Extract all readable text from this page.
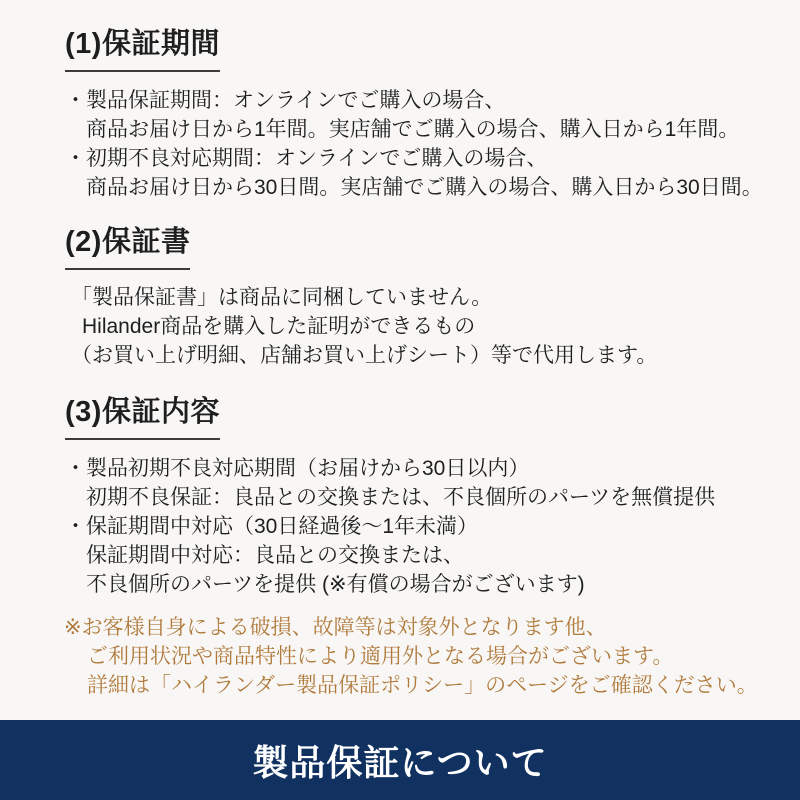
(1)保証期間
・製品保証期間：オンラインでご購入の場合、
商品お届け日から1年間。実店舗でご購入の場合、購入日から1年間。
・初期不良対応期間：オンラインでご購入の場合、
商品お届け日から30日間。実店舗でご購入の場合、購入日から30日間。
(2)保証書
「製品保証書」は商品に同梱していません。
Hilander商品を購入した証明ができるもの
（お買い上げ明細、店舗お買い上げシート）等で代用します。
(3)保証内容
・製品初期不良対応期間（お届けから30日以内）
初期不良保証：良品との交換または、不良個所のパーツを無償提供
・保証期間中対応（30日経過後～1年未満）
保証期間中対応：良品との交換または、
不良個所のパーツを提供 (※有償の場合がございます)
※お客様自身による破損、故障等は対象外となります他、
ご利用状況や商品特性により適用外となる場合がございます。
詳細は「ハイランダー製品保証ポリシー」のページをご確認ください。
製品保証について
